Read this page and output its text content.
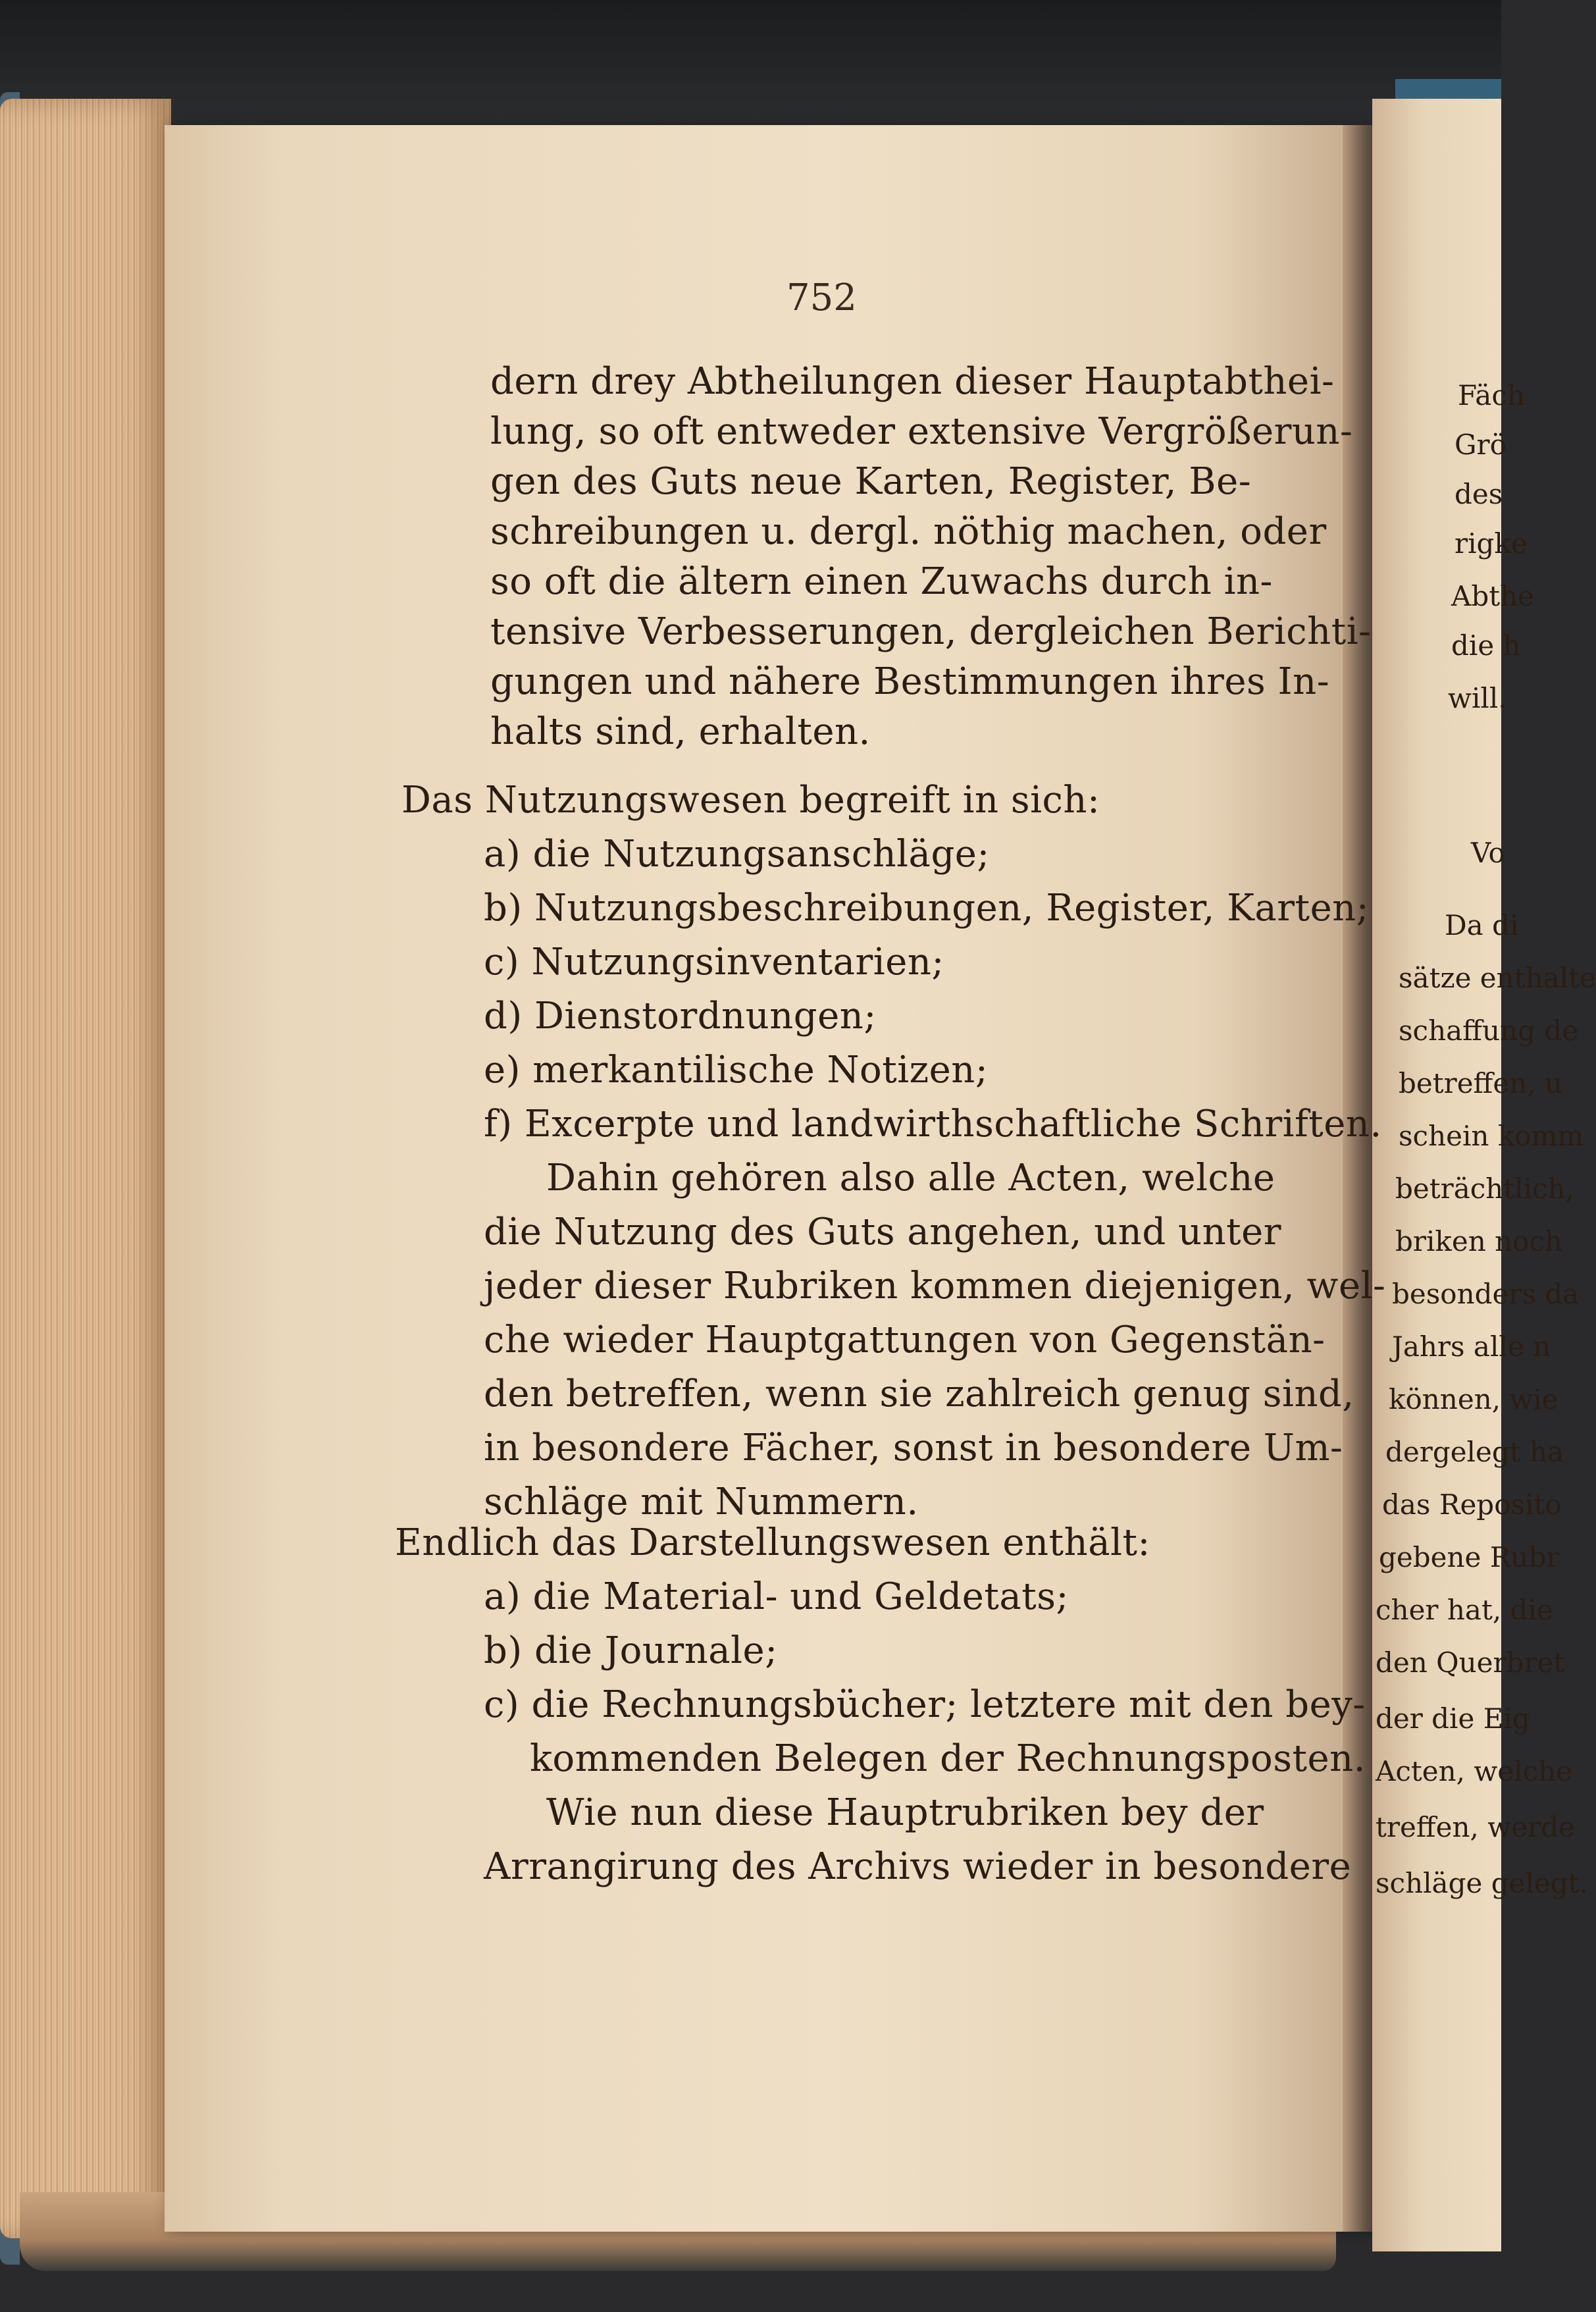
752
dern drey Abtheilungen dieser Hauptabthei-
lung, so oft entweder extensive Vergrößerun-
gen des Guts neue Karten, Register, Be-
schreibungen u. dergl. nöthig machen, oder
so oft die ältern einen Zuwachs durch in-
tensive Verbesserungen, dergleichen Berichti-
gungen und nähere Bestimmungen ihres In-
halts sind, erhalten.
Das Nutzungswesen begreift in sich:
a) die Nutzungsanschläge;
b) Nutzungsbeschreibungen, Register, Karten;
c) Nutzungsinventarien;
d) Dienstordnungen;
e) merkantilische Notizen;
f) Excerpte und landwirthschaftliche Schriften.
Dahin gehören also alle Acten, welche
die Nutzung des Guts angehen, und unter
jeder dieser Rubriken kommen diejenigen, wel-
che wieder Hauptgattungen von Gegenstän-
den betreffen, wenn sie zahlreich genug sind,
in besondere Fächer, sonst in besondere Um-
schläge mit Nummern.
Endlich das Darstellungswesen enthält:
a) die Material- und Geldetats;
b) die Journale;
c) die Rechnungsbücher; letztere mit den bey-
kommenden Belegen der Rechnungsposten.
Wie nun diese Hauptrubriken bey der
Arrangirung des Archivs wieder in besondere
Fäch
Grö
des
rigke
Abthe
die h
will.
Vo
Da di
sätze enthalte
schaffung de
betreffen, u
schein komm
beträchtlich,
briken noch
besonders da
Jahrs alle n
können, wie
dergelegt ha
das Reposito
gebene Rubr
cher hat, die
den Querbret
der die Eig
Acten, welche
treffen, werde
schläge gelegt.
